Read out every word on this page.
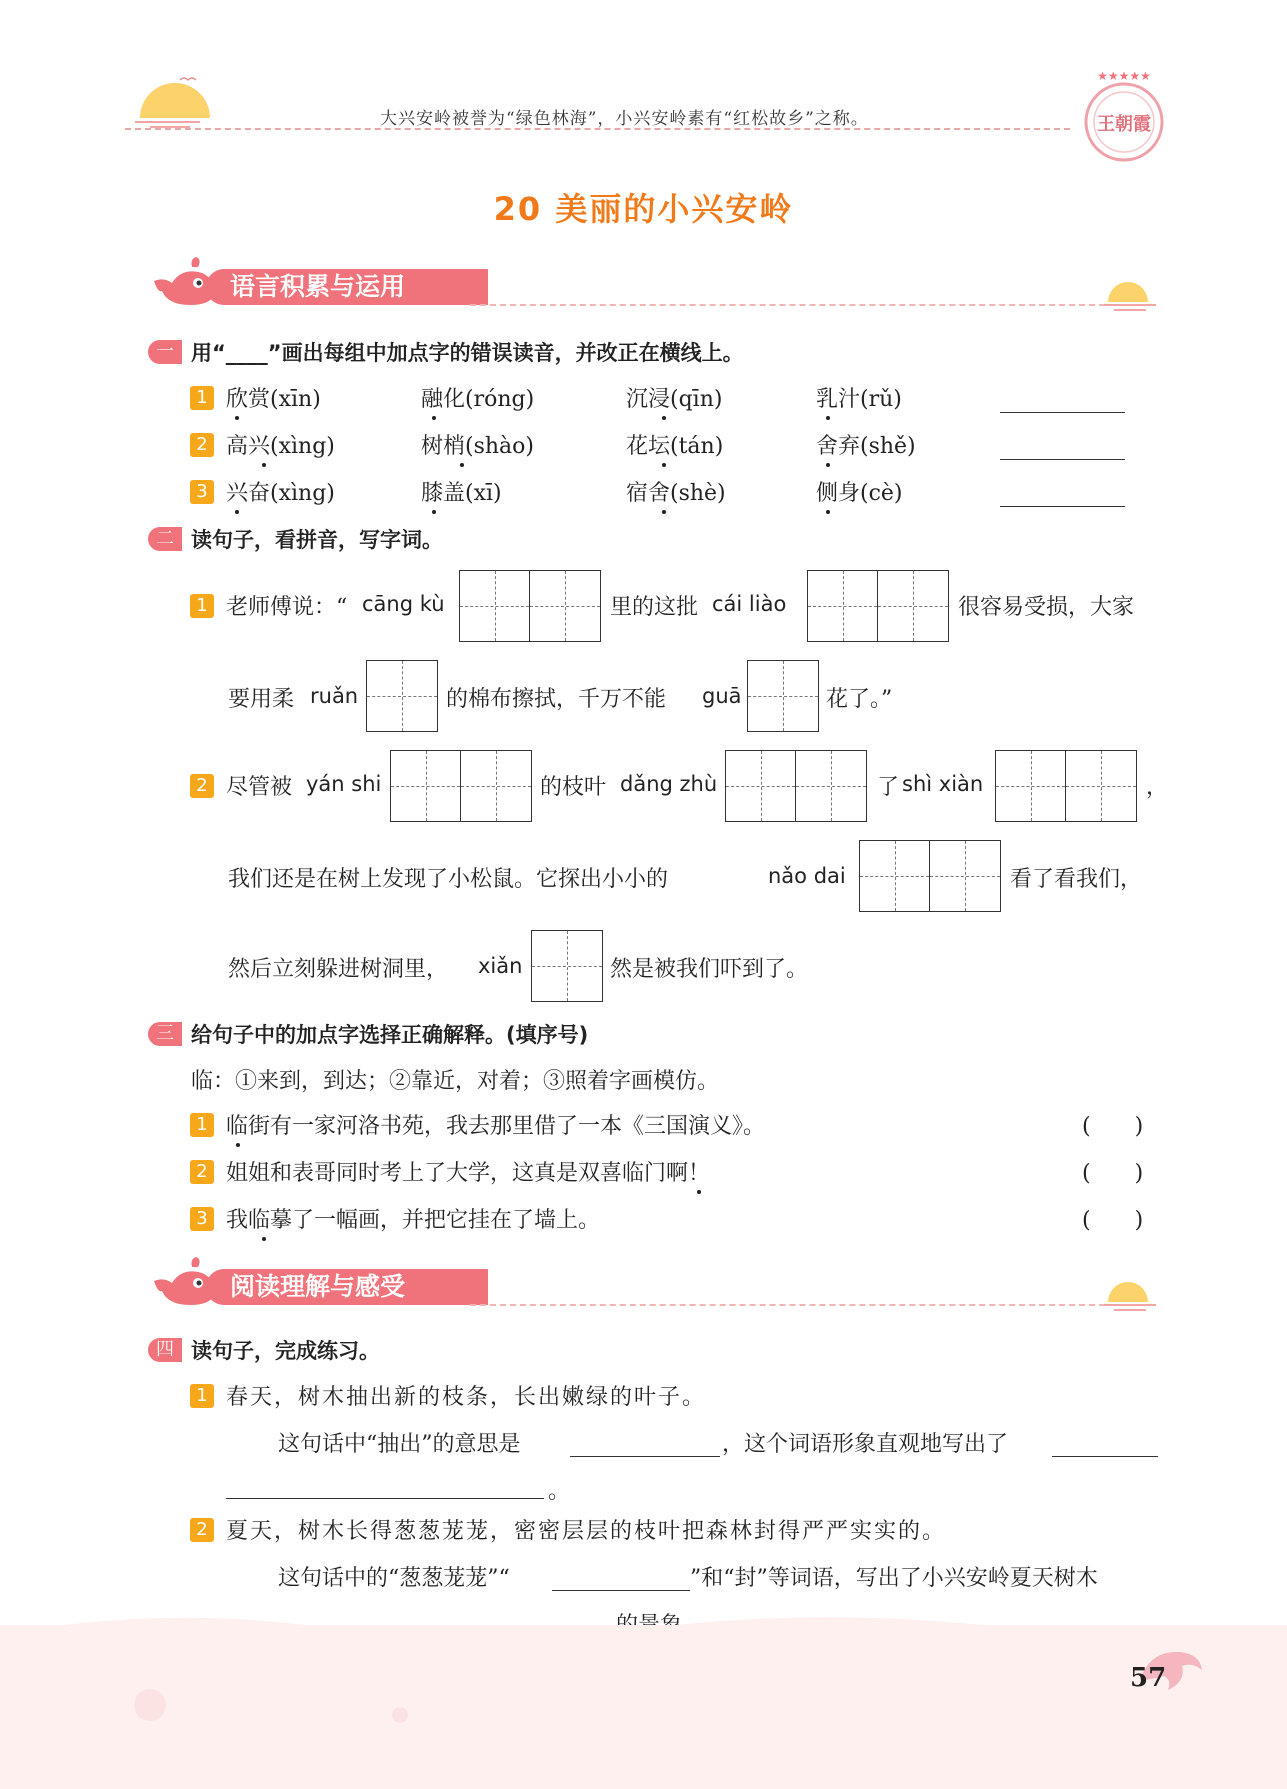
大兴安岭被誉为“绿色林海”，小兴安岭素有“红松故乡”之称。
★★★★★
王朝霞
20 美丽的小兴安岭
语言积累与运用
一 用“____”画出每组中加点字的错误读音，并改正在横线上。
1 欣赏(xīn)	融化(róng)	沉浸(qīn)	乳汁(rǔ)
2 高兴(xìng)	树梢(shào)	花坛(tán)	舍弃(shě)
3 兴奋(xìng)	膝盖(xī)	宿舍(shè)	侧身(cè)
二 读句子，看拼音，写字词。
1 老师傅说：“ cāng kù	里的这批 cái liào	很容易受损，大家
要用柔 ruǎn	的棉布擦拭，千万不能 guā	花了。”
2 尽管被 yán shi	的枝叶 dǎng zhù	了 shì xiàn	，
我们还是在树上发现了小松鼠。它探出小小的	nǎo dai	看了看我们，
然后立刻躲进树洞里， xiǎn	然是被我们吓到了。
三 给句子中的加点字选择正确解释。(填序号)
临：①来到，到达；②靠近，对着；③照着字画模仿。
1 临街有一家河洛书苑，我去那里借了一本《三国演义》。	(　　)
2 姐姐和表哥同时考上了大学，这真是双喜临门啊！	(　　)
3 我临摹了一幅画，并把它挂在了墙上。	(　　)
阅读理解与感受
四 读句子，完成练习。
1 春天，树木抽出新的枝条，长出嫩绿的叶子。
这句话中“抽出”的意思是	，这个词语形象直观地写出了
。
2 夏天，树木长得葱葱茏茏，密密层层的枝叶把森林封得严严实实的。
这句话中的“葱葱茏茏”“	”和“封”等词语，写出了小兴安岭夏天树木
57
